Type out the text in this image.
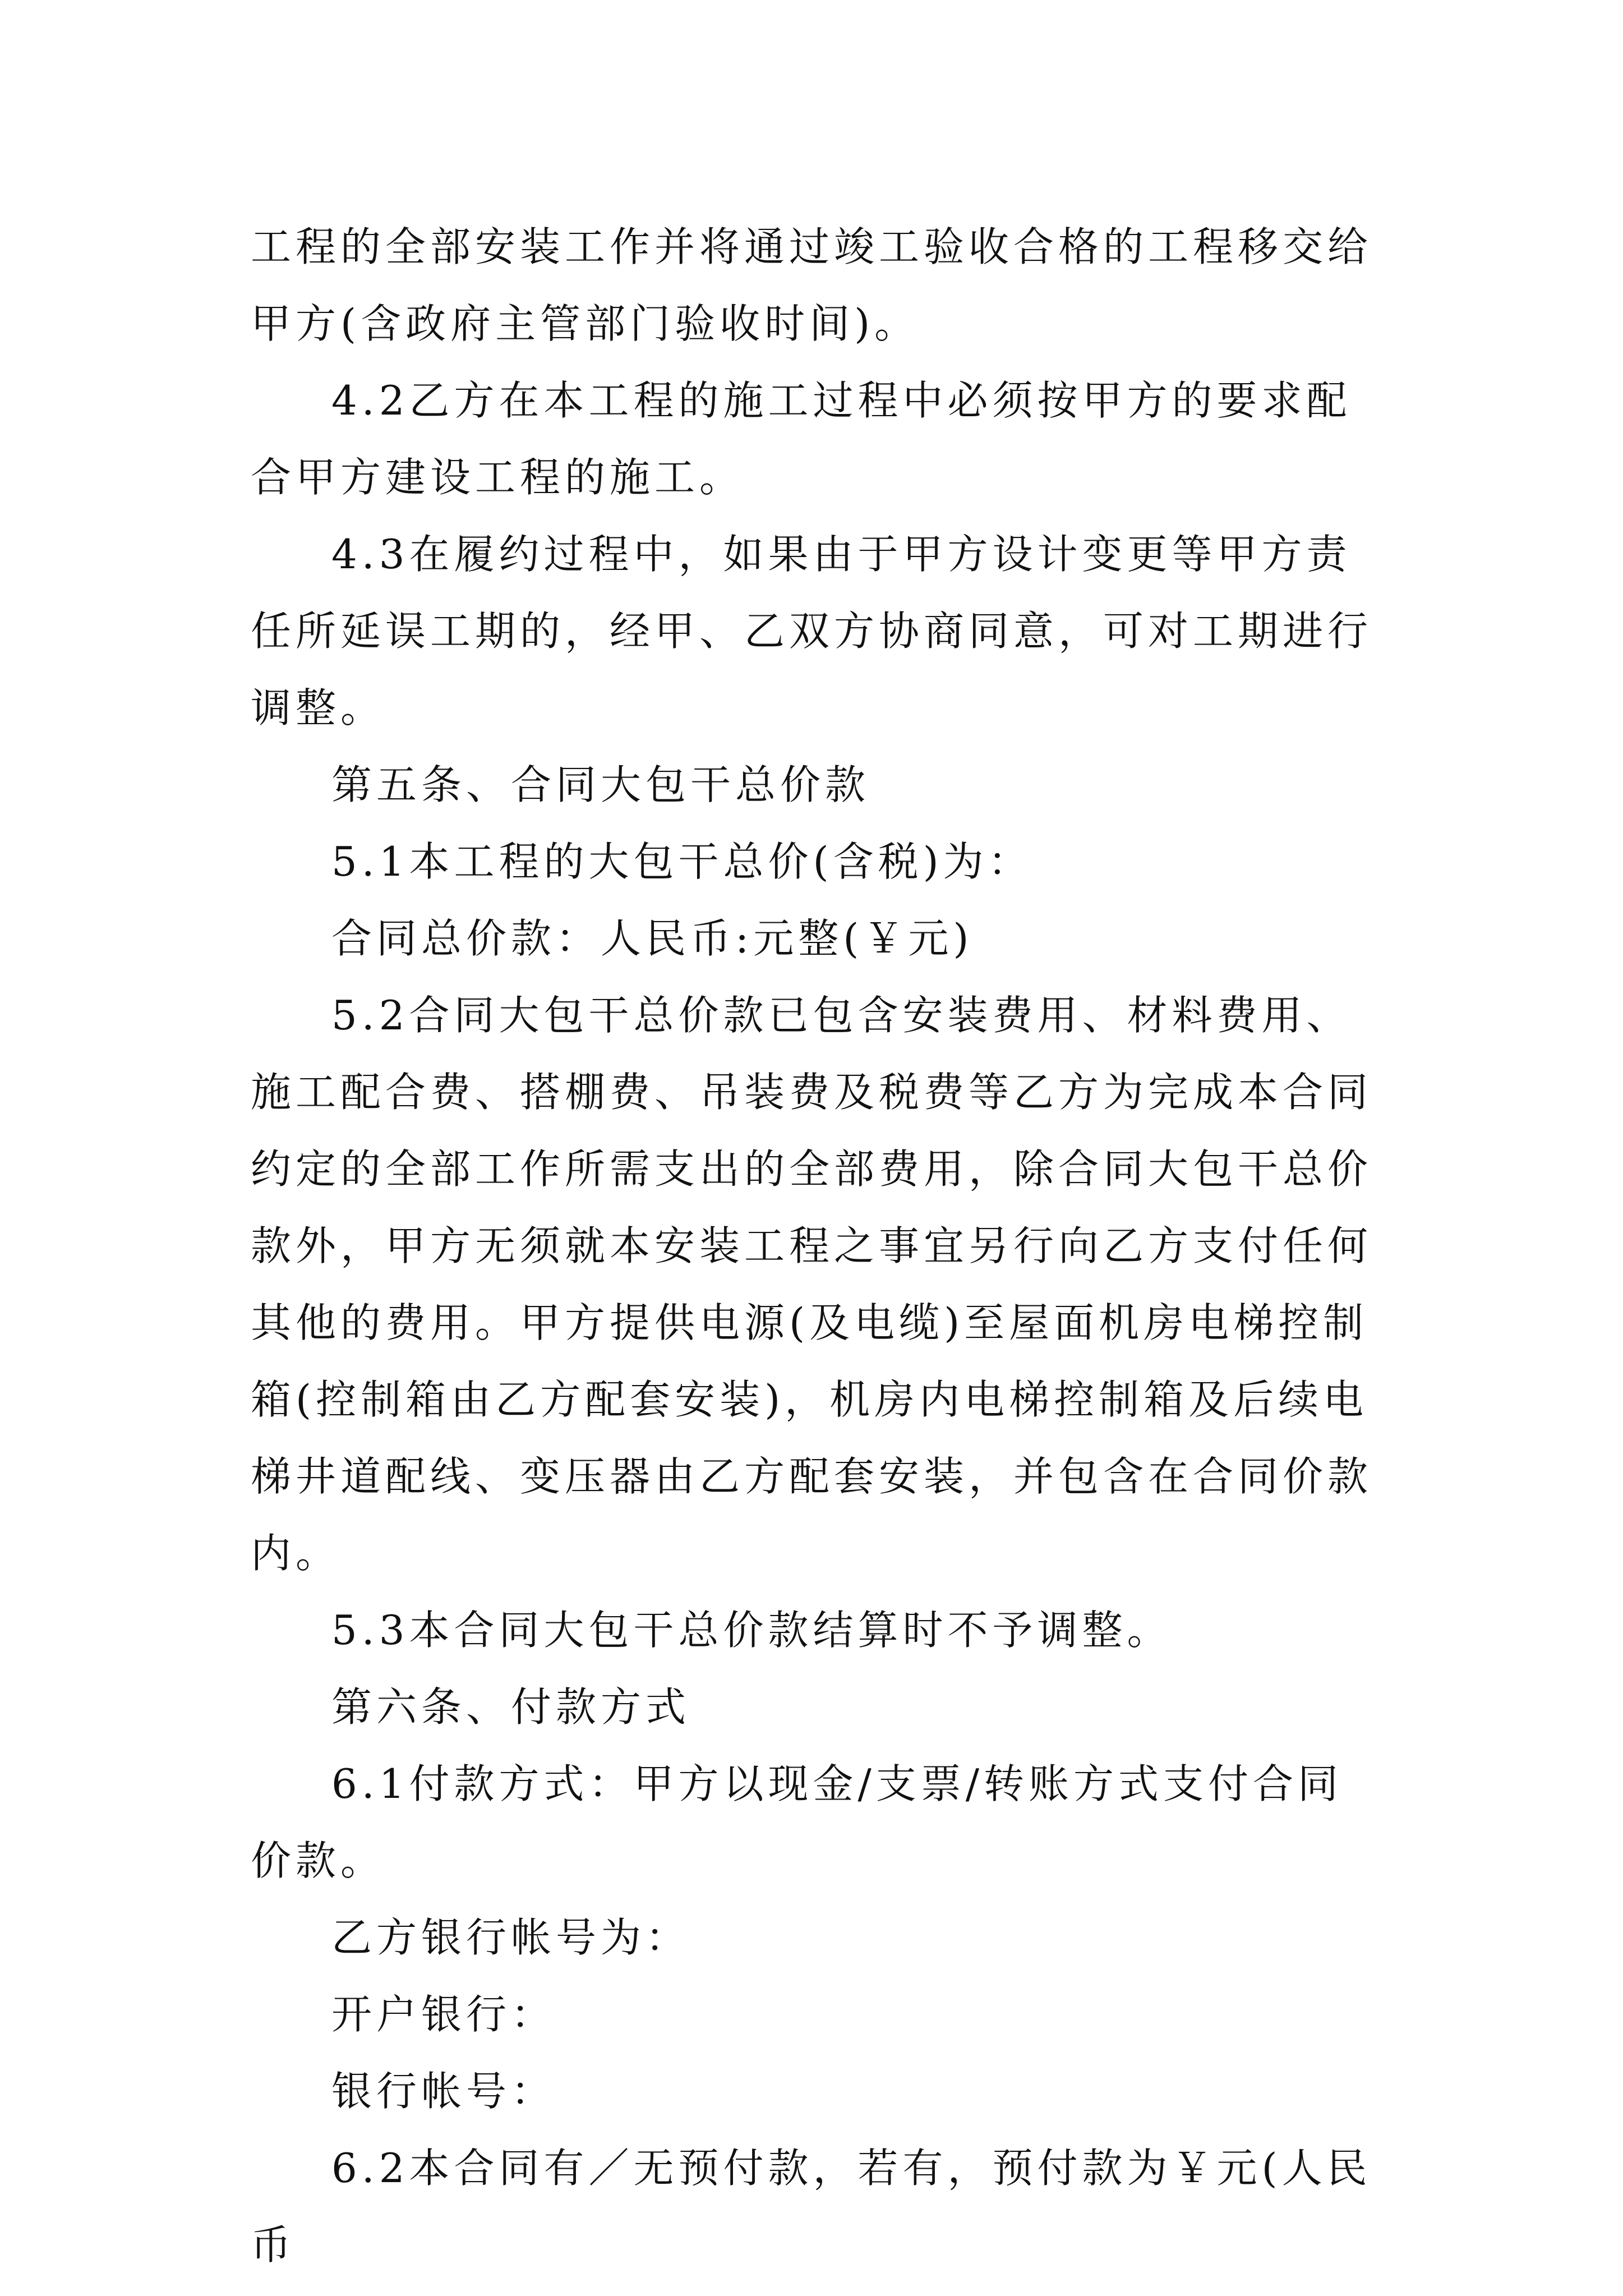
工程的全部安装工作并将通过竣工验收合格的工程移交给甲方(含政府主管部门验收时间)。

4.2乙方在本工程的施工过程中必须按甲方的要求配合甲方建设工程的施工。

4.3在履约过程中，如果由于甲方设计变更等甲方责任所延误工期的，经甲、乙双方协商同意，可对工期进行调整。

第五条、合同大包干总价款

5.1本工程的大包干总价(含税)为：

合同总价款：人民币:元整(￥元)

5.2合同大包干总价款已包含安装费用、材料费用、施工配合费、搭棚费、吊装费及税费等乙方为完成本合同约定的全部工作所需支出的全部费用，除合同大包干总价款外，甲方无须就本安装工程之事宜另行向乙方支付任何其他的费用。甲方提供电源(及电缆)至屋面机房电梯控制箱(控制箱由乙方配套安装)，机房内电梯控制箱及后续电梯井道配线、变压器由乙方配套安装，并包含在合同价款内。

5.3本合同大包干总价款结算时不予调整。

第六条、付款方式

6.1付款方式：甲方以现金/支票/转账方式支付合同价款。

乙方银行帐号为：

开户银行：

银行帐号：

6.2本合同有／无预付款，若有，预付款为￥元(人民币
